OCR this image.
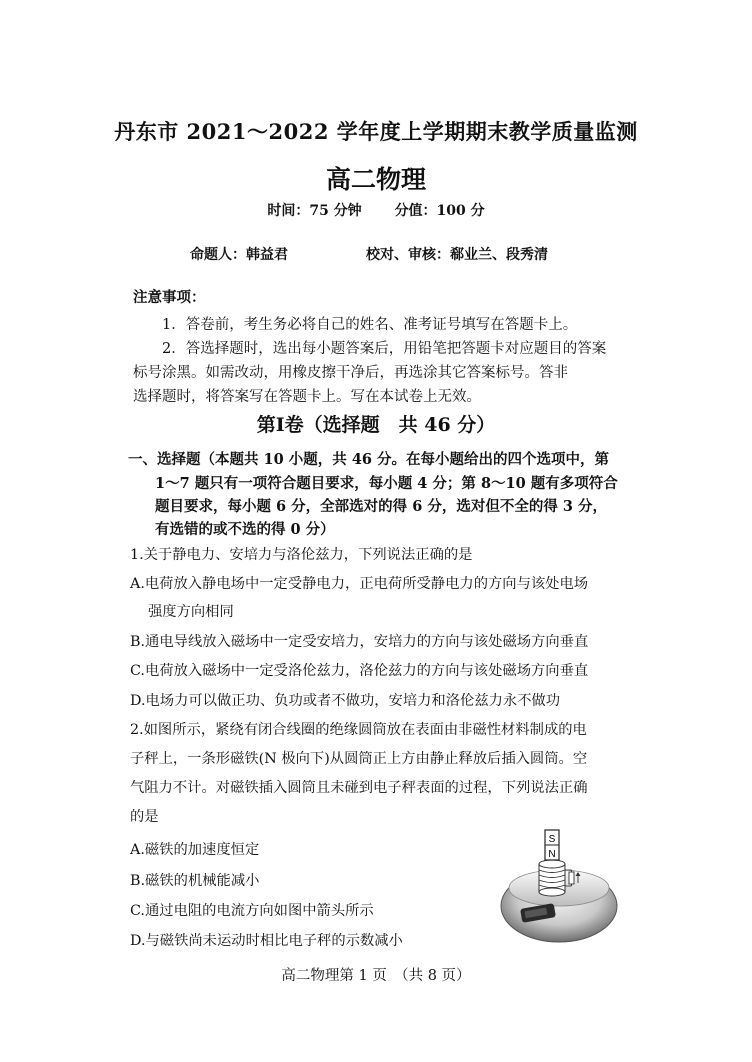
丹东市 2021～2022 学年度上学期期末教学质量监测
高二物理
时间：75 分钟 分值：100 分
命题人：韩益君	校对、审核：郗业兰、段秀清
注意事项：
1．答卷前，考生务必将自己的姓名、准考证号填写在答题卡上。
2．答选择题时，选出每小题答案后，用铅笔把答题卡对应题目的答案
标号涂黑。如需改动，用橡皮擦干净后，再选涂其它答案标号。答非
选择题时，将答案写在答题卡上。写在本试卷上无效。
第Ⅰ卷（选择题　共 46 分）
一、选择题（本题共 10 小题，共 46 分。在每小题给出的四个选项中，第
1～7 题只有一项符合题目要求，每小题 4 分；第 8～10 题有多项符合
题目要求，每小题 6 分，全部选对的得 6 分，选对但不全的得 3 分，
有选错的或不选的得 0 分）
1.关于静电力、安培力与洛伦兹力，下列说法正确的是
A.电荷放入静电场中一定受静电力，正电荷所受静电力的方向与该处电场
强度方向相同
B.通电导线放入磁场中一定受安培力，安培力的方向与该处磁场方向垂直
C.电荷放入磁场中一定受洛伦兹力，洛伦兹力的方向与该处磁场方向垂直
D.电场力可以做正功、负功或者不做功，安培力和洛伦兹力永不做功
2.如图所示，紧绕有闭合线圈的绝缘圆筒放在表面由非磁性材料制成的电
子秤上，一条形磁铁(N 极向下)从圆筒正上方由静止释放后插入圆筒。空
气阻力不计。对磁铁插入圆筒且未碰到电子秤表面的过程，下列说法正确
的是
A.磁铁的加速度恒定
B.磁铁的机械能减小
C.通过电阻的电流方向如图中箭头所示
D.与磁铁尚未运动时相比电子秤的示数减小
S
N
高二物理第 1 页　（共 8 页）
